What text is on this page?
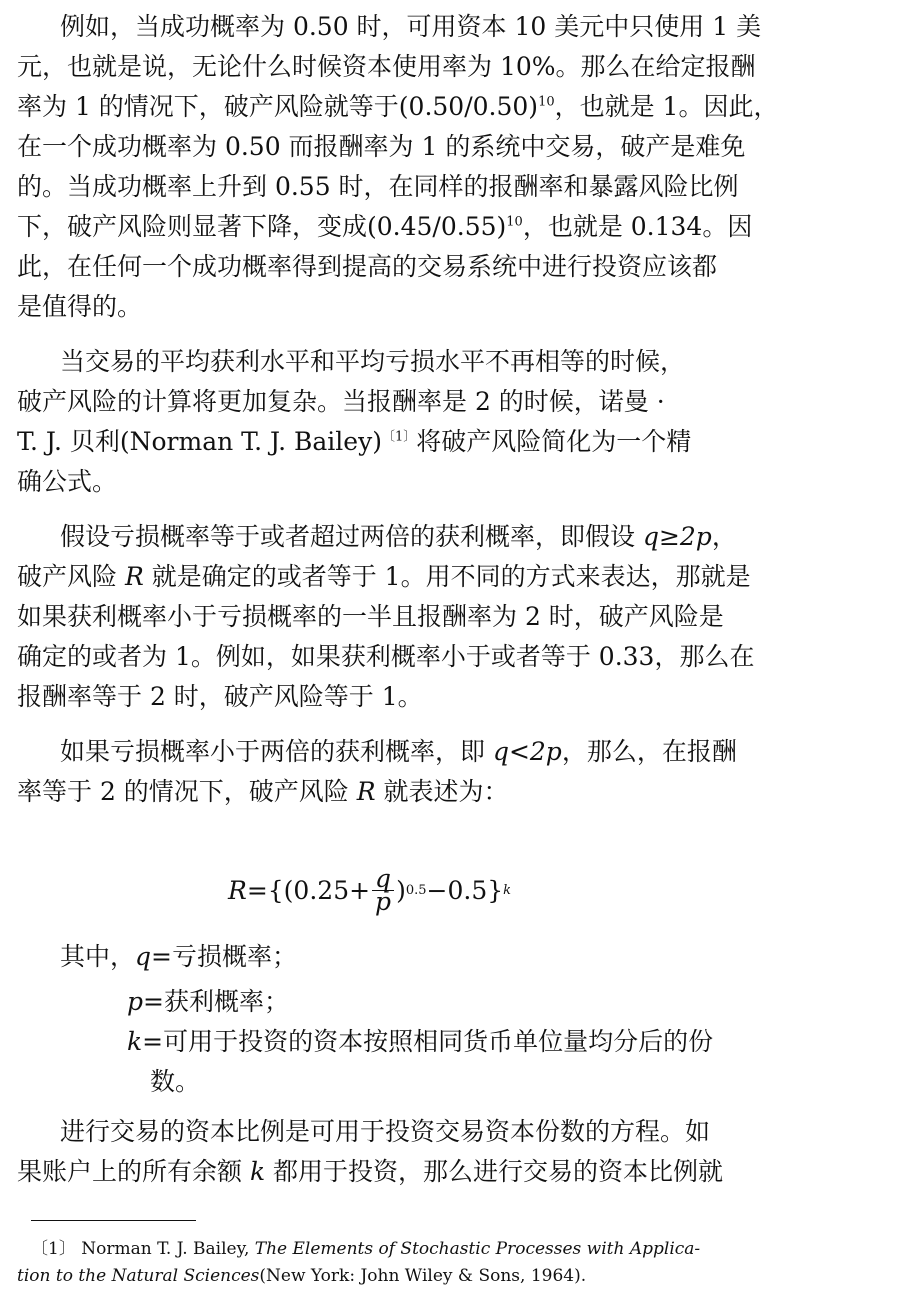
例如，当成功概率为 0.50 时，可用资本 10 美元中只使用 1 美
元，也就是说，无论什么时候资本使用率为 10%。那么在给定报酬
率为 1 的情况下，破产风险就等于$(0.50/0.50)^{10}$，也就是 1。因此，
在一个成功概率为 0.50 而报酬率为 1 的系统中交易，破产是难免
的。当成功概率上升到 0.55 时，在同样的报酬率和暴露风险比例
下，破产风险则显著下降，变成$(0.45/0.55)^{10}$，也就是 0.134。因
此，在任何一个成功概率得到提高的交易系统中进行投资应该都
是值得的。
当交易的平均获利水平和平均亏损水平不再相等的时候，
破产风险的计算将更加复杂。当报酬率是 2 的时候，诺曼 ·
T. J. 贝利(Norman T. J. Bailey)$^{〔1〕}$将破产风险简化为一个精
确公式。
假设亏损概率等于或者超过两倍的获利概率，即假设 q≥2p，
破产风险 R 就是确定的或者等于 1。用不同的方式来表达，那就是
如果获利概率小于亏损概率的一半且报酬率为 2 时，破产风险是
确定的或者为 1。例如，如果获利概率小于或者等于 0.33，那么在
报酬率等于 2 时，破产风险等于 1。
如果亏损概率小于两倍的获利概率，即 q<2p，那么，在报酬
率等于 2 的情况下，破产风险 R 就表述为：
$R =\{(0.25+ \frac{q}{p}$ ) 0.5 −0.5} k
其中，q=亏损概率；
p=获利概率；
k=可用于投资的资本按照相同货币单位量均分后的份
数。
进行交易的资本比例是可用于投资交易资本份数的方程。如
果账户上的所有余额 k 都用于投资，那么进行交易的资本比例就
〔1〕 Norman T. J. Bailey, The Elements of Stochastic Processes with Applica-
tion to the Natural Sciences(New York: John Wiley & Sons, 1964).
